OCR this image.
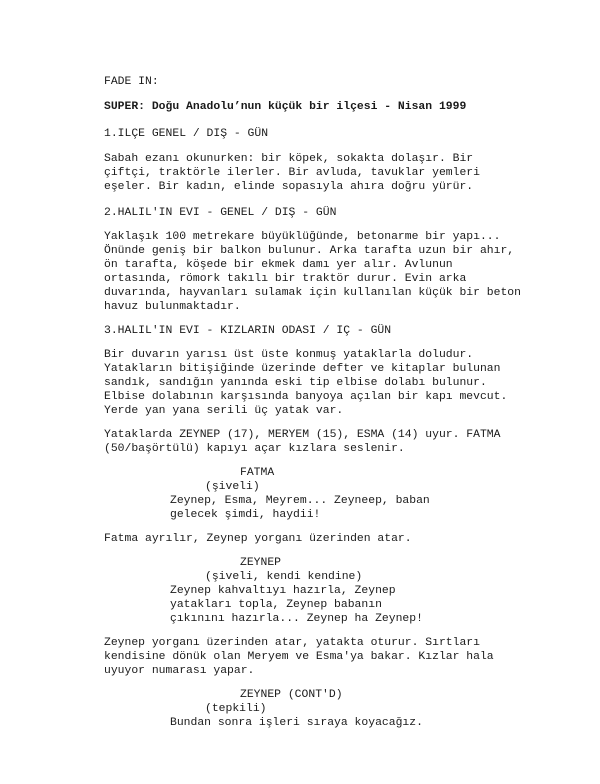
FADE IN:

SUPER: Doğu Anadolu’nun küçük bir ilçesi - Nisan 1999

1.ILÇE GENEL / DIŞ - GÜN

Sabah ezanı okunurken: bir köpek, sokakta dolaşır. Bir

çiftçi, traktörle ilerler. Bir avluda, tavuklar yemleri

eşeler. Bir kadın, elinde sopasıyla ahıra doğru yürür.

2.HALIL'IN EVI - GENEL / DIŞ - GÜN

Yaklaşık 100 metrekare büyüklüğünde, betonarme bir yapı...

Önünde geniş bir balkon bulunur. Arka tarafta uzun bir ahır,

ön tarafta, köşede bir ekmek damı yer alır. Avlunun

ortasında, römork takılı bir traktör durur. Evin arka

duvarında, hayvanları sulamak için kullanılan küçük bir beton

havuz bulunmaktadır.

3.HALIL'IN EVI - KIZLARIN ODASI / IÇ - GÜN

Bir duvarın yarısı üst üste konmuş yataklarla doludur.

Yatakların bitişiğinde üzerinde defter ve kitaplar bulunan

sandık, sandığın yanında eski tip elbise dolabı bulunur.

Elbise dolabının karşısında banyoya açılan bir kapı mevcut.

Yerde yan yana serili üç yatak var.

Yataklarda ZEYNEP (17), MERYEM (15), ESMA (14) uyur. FATMA

(50/başörtülü) kapıyı açar kızlara seslenir.

FATMA

(şiveli)

Zeynep, Esma, Meyrem... Zeyneep, baban

gelecek şimdi, haydii!

Fatma ayrılır, Zeynep yorganı üzerinden atar.

ZEYNEP

(şiveli, kendi kendine)

Zeynep kahvaltıyı hazırla, Zeynep

yatakları topla, Zeynep babanın

çıkınını hazırla... Zeynep ha Zeynep!

Zeynep yorganı üzerinden atar, yatakta oturur. Sırtları

kendisine dönük olan Meryem ve Esma'ya bakar. Kızlar hala

uyuyor numarası yapar.

ZEYNEP (CONT'D)

(tepkili)

Bundan sonra işleri sıraya koyacağız.
